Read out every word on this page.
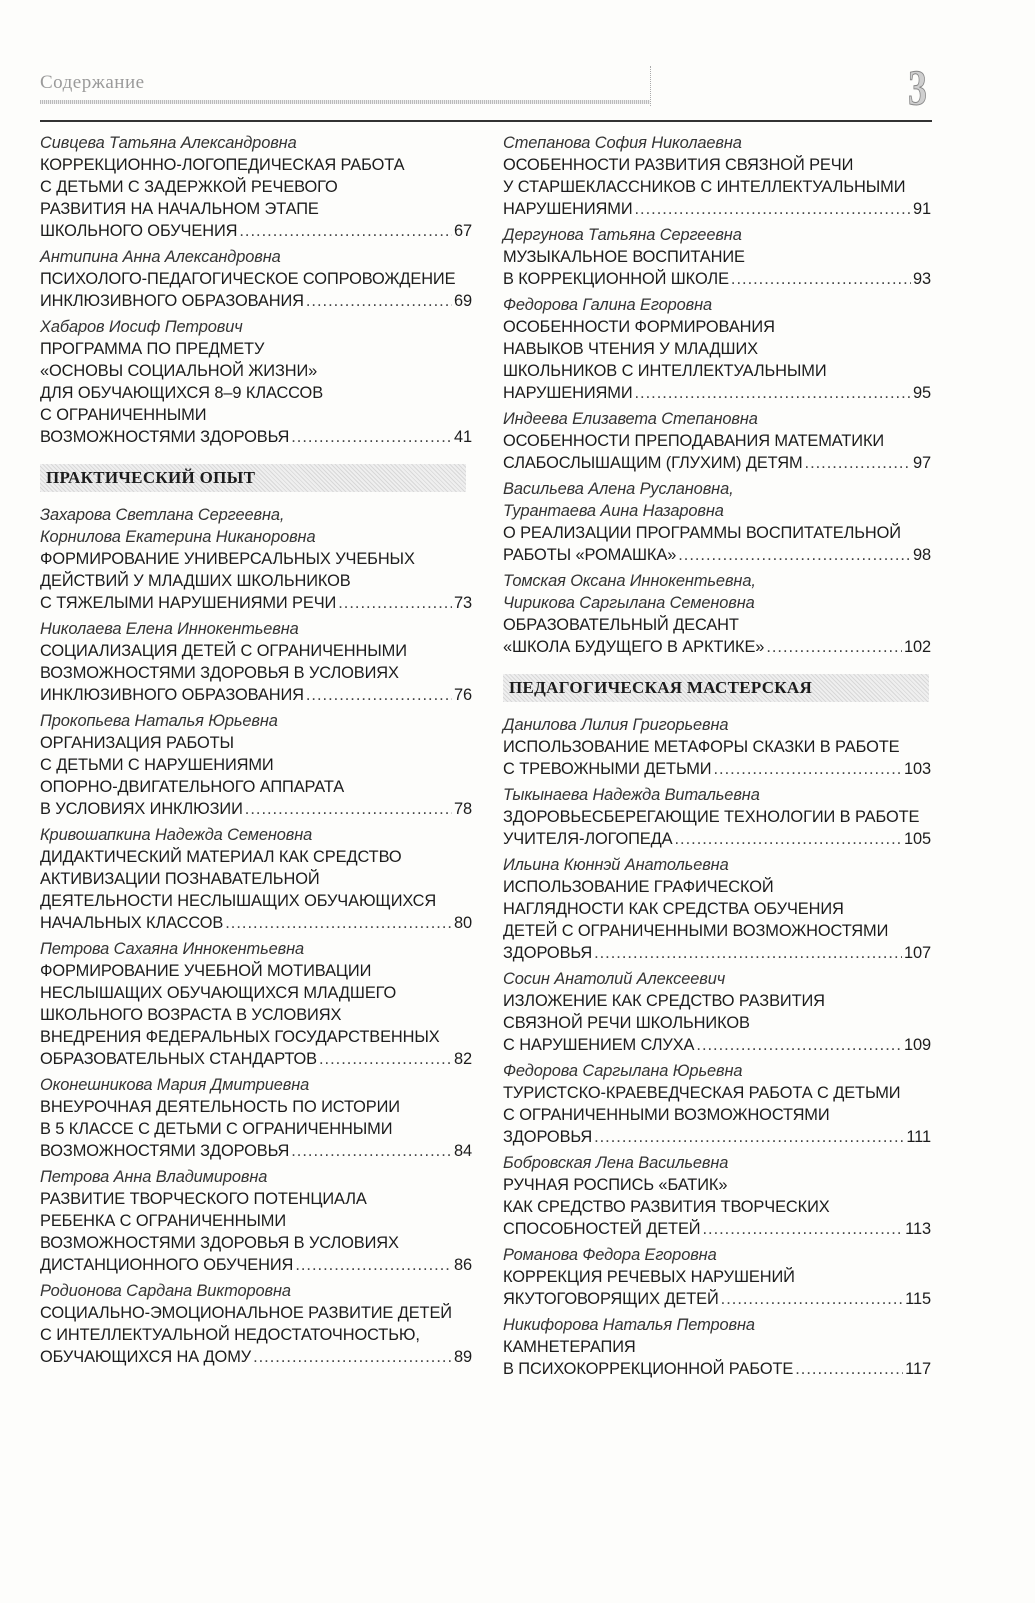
Содержание	3
Сивцева Татьяна Александровна
КОРРЕКЦИОННО-ЛОГОПЕДИЧЕСКАЯ РАБОТА
С ДЕТЬМИ С ЗАДЕРЖКОЙ РЕЧЕВОГО
РАЗВИТИЯ НА НАЧАЛЬНОМ ЭТАПЕ
ШКОЛЬНОГО ОБУЧЕНИЯ .....	67
Антипина Анна Александровна
ПСИХОЛОГО-ПЕДАГОГИЧЕСКОЕ СОПРОВОЖДЕНИЕ
ИНКЛЮЗИВНОГО ОБРАЗОВАНИЯ .....	69
Хабаров Иосиф Петрович
ПРОГРАММА ПО ПРЕДМЕТУ
«ОСНОВЫ СОЦИАЛЬНОЙ ЖИЗНИ»
ДЛЯ ОБУЧАЮЩИХСЯ 8–9 КЛАССОВ
С ОГРАНИЧЕННЫМИ
ВОЗМОЖНОСТЯМИ ЗДОРОВЬЯ .....	41
ПРАКТИЧЕСКИЙ ОПЫТ
Захарова Светлана Сергеевна,
Корнилова Екатерина Никаноровна
ФОРМИРОВАНИЕ УНИВЕРСАЛЬНЫХ УЧЕБНЫХ
ДЕЙСТВИЙ У МЛАДШИХ ШКОЛЬНИКОВ
С ТЯЖЕЛЫМИ НАРУШЕНИЯМИ РЕЧИ .....	73
Николаева Елена Иннокентьевна
СОЦИАЛИЗАЦИЯ ДЕТЕЙ С ОГРАНИЧЕННЫМИ
ВОЗМОЖНОСТЯМИ ЗДОРОВЬЯ В УСЛОВИЯХ
ИНКЛЮЗИВНОГО ОБРАЗОВАНИЯ .....	76
Прокопьева Наталья Юрьевна
ОРГАНИЗАЦИЯ РАБОТЫ
С ДЕТЬМИ С НАРУШЕНИЯМИ
ОПОРНО-ДВИГАТЕЛЬНОГО АППАРАТА
В УСЛОВИЯХ ИНКЛЮЗИИ .....	78
Кривошапкина Надежда Семеновна
ДИДАКТИЧЕСКИЙ МАТЕРИАЛ КАК СРЕДСТВО
АКТИВИЗАЦИИ ПОЗНАВАТЕЛЬНОЙ
ДЕЯТЕЛЬНОСТИ НЕСЛЫШАЩИХ ОБУЧАЮЩИХСЯ
НАЧАЛЬНЫХ КЛАССОВ .....	80
Петрова Сахаяна Иннокентьевна
ФОРМИРОВАНИЕ УЧЕБНОЙ МОТИВАЦИИ
НЕСЛЫШАЩИХ ОБУЧАЮЩИХСЯ МЛАДШЕГО
ШКОЛЬНОГО ВОЗРАСТА В УСЛОВИЯХ
ВНЕДРЕНИЯ ФЕДЕРАЛЬНЫХ ГОСУДАРСТВЕННЫХ
ОБРАЗОВАТЕЛЬНЫХ СТАНДАРТОВ .....	82
Оконешникова Мария Дмитриевна
ВНЕУРОЧНАЯ ДЕЯТЕЛЬНОСТЬ ПО ИСТОРИИ
В 5 КЛАССЕ С ДЕТЬМИ С ОГРАНИЧЕННЫМИ
ВОЗМОЖНОСТЯМИ ЗДОРОВЬЯ .....	84
Петрова Анна Владимировна
РАЗВИТИЕ ТВОРЧЕСКОГО ПОТЕНЦИАЛА
РЕБЕНКА С ОГРАНИЧЕННЫМИ
ВОЗМОЖНОСТЯМИ ЗДОРОВЬЯ В УСЛОВИЯХ
ДИСТАНЦИОННОГО ОБУЧЕНИЯ .....	86
Родионова Сардана Викторовна
СОЦИАЛЬНО-ЭМОЦИОНАЛЬНОЕ РАЗВИТИЕ ДЕТЕЙ
С ИНТЕЛЛЕКТУАЛЬНОЙ НЕДОСТАТОЧНОСТЬЮ,
ОБУЧАЮЩИХСЯ НА ДОМУ .....	89
Степанова София Николаевна
ОСОБЕННОСТИ РАЗВИТИЯ СВЯЗНОЙ РЕЧИ
У СТАРШЕКЛАССНИКОВ С ИНТЕЛЛЕКТУАЛЬНЫМИ
НАРУШЕНИЯМИ .....	91
Дергунова Татьяна Сергеевна
МУЗЫКАЛЬНОЕ ВОСПИТАНИЕ
В КОРРЕКЦИОННОЙ ШКОЛЕ .....	93
Федорова Галина Егоровна
ОСОБЕННОСТИ ФОРМИРОВАНИЯ
НАВЫКОВ ЧТЕНИЯ У МЛАДШИХ
ШКОЛЬНИКОВ С ИНТЕЛЛЕКТУАЛЬНЫМИ
НАРУШЕНИЯМИ .....	95
Индеева Елизавета Степановна
ОСОБЕННОСТИ ПРЕПОДАВАНИЯ МАТЕМАТИКИ
СЛАБОСЛЫШАЩИМ (ГЛУХИМ) ДЕТЯМ .....	97
Васильева Алена Руслановна,
Турантаева Аина Назаровна
О РЕАЛИЗАЦИИ ПРОГРАММЫ ВОСПИТАТЕЛЬНОЙ
РАБОТЫ «РОМАШКА» .....	98
Томская Оксана Иннокентьевна,
Чирикова Саргылана Семеновна
ОБРАЗОВАТЕЛЬНЫЙ ДЕСАНТ
«ШКОЛА БУДУЩЕГО В АРКТИКЕ» .....	102
ПЕДАГОГИЧЕСКАЯ МАСТЕРСКАЯ
Данилова Лилия Григорьевна
ИСПОЛЬЗОВАНИЕ МЕТАФОРЫ СКАЗКИ В РАБОТЕ
С ТРЕВОЖНЫМИ ДЕТЬМИ .....	103
Тыкынаева Надежда Витальевна
ЗДОРОВЬЕСБЕРЕГАЮЩИЕ ТЕХНОЛОГИИ В РАБОТЕ
УЧИТЕЛЯ-ЛОГОПЕДА .....	105
Ильина Кюннэй Анатольевна
ИСПОЛЬЗОВАНИЕ ГРАФИЧЕСКОЙ
НАГЛЯДНОСТИ КАК СРЕДСТВА ОБУЧЕНИЯ
ДЕТЕЙ С ОГРАНИЧЕННЫМИ ВОЗМОЖНОСТЯМИ
ЗДОРОВЬЯ .....	107
Сосин Анатолий Алексеевич
ИЗЛОЖЕНИЕ КАК СРЕДСТВО РАЗВИТИЯ
СВЯЗНОЙ РЕЧИ ШКОЛЬНИКОВ
С НАРУШЕНИЕМ СЛУХА .....	109
Федорова Саргылана Юрьевна
ТУРИСТСКО-КРАЕВЕДЧЕСКАЯ РАБОТА С ДЕТЬМИ
С ОГРАНИЧЕННЫМИ ВОЗМОЖНОСТЯМИ
ЗДОРОВЬЯ .....	111
Бобровская Лена Васильевна
РУЧНАЯ РОСПИСЬ «БАТИК»
КАК СРЕДСТВО РАЗВИТИЯ ТВОРЧЕСКИХ
СПОСОБНОСТЕЙ ДЕТЕЙ .....	113
Романова Федора Егоровна
КОРРЕКЦИЯ РЕЧЕВЫХ НАРУШЕНИЙ
ЯКУТОГОВОРЯЩИХ ДЕТЕЙ .....	115
Никифорова Наталья Петровна
КАМНЕТЕРАПИЯ
В ПСИХОКОРРЕКЦИОННОЙ РАБОТЕ .....	117
